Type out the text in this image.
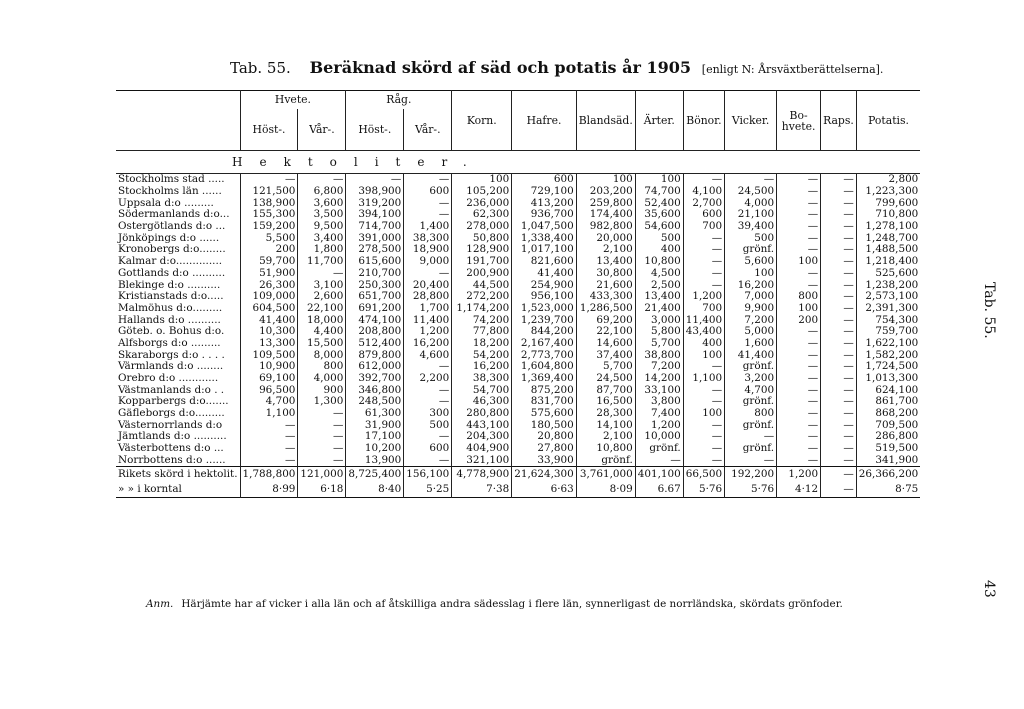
Tab. 55. Beräknad skörd af säd och potatis år 1905 [enligt N: Årsväxtberättelserna].
	Hvete.		Råg.		Korn.	Hafre.	Blandsäd.	Ärter.	Bönor.	Vicker.	Bo- hvete.	Raps.	Potatis.
	Höst-.	Vår-.	Höst-.	Vår-.									
Hektoliter.													
Stockholms stad .....	—	—	—	—	100	600	100	100	—	—	—	—	2,800
Stockholms län ......	121,500	6,800	398,900	600	105,200	729,100	203,200	74,700	4,100	24,500	—	—	1,223,300
Uppsala d:o .........	138,900	3,600	319,200	—	236,000	413,200	259,800	52,400	2,700	4,000	—	—	799,600
Södermanlands d:o...	155,300	3,500	394,100	—	62,300	936,700	174,400	35,600	600	21,100	—	—	710,800
Östergötlands d:o ...	159,200	9,500	714,700	1,400	278,000	1,047,500	982,800	54,600	700	39,400	—	—	1,278,100
Jönköpings d:o ......	5,500	3,400	391,000	38,300	50,800	1,338,400	20,000	500	—	500	—	—	1,248,700
Kronobergs d:o........	200	1,800	278,500	18,900	128,900	1,017,100	2,100	400	—	grönf.	—	—	1,488,500
Kalmar d:o..............	59,700	11,700	615,600	9,000	191,700	821,600	13,400	10,800	—	5,600	100	—	1,218,400
Gottlands d:o ..........	51,900	—	210,700	—	200,900	41,400	30,800	4,500	—	100	—	—	525,600
Blekinge d:o ..........	26,300	3,100	250,300	20,400	44,500	254,900	21,600	2,500	—	16,200	—	—	1,238,200
Kristianstads d:o.....	109,000	2,600	651,700	28,800	272,200	956,100	433,300	13,400	1,200	7,000	800	—	2,573,100
Malmöhus d:o.........	604,500	22,100	691,200	1,700	1,174,200	1,523,000	1,286,500	21,400	700	9,900	100	—	2,391,300
Hallands d:o ..........	41,400	18,000	474,100	11,400	74,200	1,239,700	69,200	3,000	11,400	7,200	200	—	754,300
Göteb. o. Bohus d:o.	10,300	4,400	208,800	1,200	77,800	844,200	22,100	5,800	43,400	5,000	—	—	759,700
Älfsborgs d:o .........	13,300	15,500	512,400	16,200	18,200	2,167,400	14,600	5,700	400	1,600	—	—	1,622,100
Skaraborgs d:o . . . .	109,500	8,000	879,800	4,600	54,200	2,773,700	37,400	38,800	100	41,400	—	—	1,582,200
Värmlands d:o ........	10,900	800	612,000	—	16,200	1,604,800	5,700	7,200	—	grönf.	—	—	1,724,500
Örebro d:o ............	69,100	4,000	392,700	2,200	38,300	1,369,400	24,500	14,200	1,100	3,200	—	—	1,013,300
Västmanlands d:o . .	96,500	900	346,800	—	54,700	875,200	87,700	33,100	—	4,700	—	—	624,100
Kopparbergs d:o.......	4,700	1,300	248,500	—	46,300	831,700	16,500	3,800	—	grönf.	—	—	861,700
Gäfleborgs d:o.........	1,100	—	61,300	300	280,800	575,600	28,300	7,400	100	800	—	—	868,200
Västernorrlands d:o	—	—	31,900	500	443,100	180,500	14,100	1,200	—	grönf.	—	—	709,500
Jämtlands d:o ..........	—	—	17,100	—	204,300	20,800	2,100	10,000	—	—	—	—	286,800
Västerbottens d:o ...	—	—	10,200	600	404,900	27,800	10,800	grönf.	—	grönf.	—	—	519,500
Norrbottens d:o ......	—	—	13,900	—	321,100	33,900	grönf.	—	—	—	—	—	341,900
Rikets skörd i hektolit.	1,788,800	121,000	8,725,400	156,100	4,778,900	21,624,300	3,761,000	401,100	66,500	192,200	1,200	—	26,366,200
» » i korntal	8·99	6·18	8·40	5·25	7·38	6·63	8·09	6.67	5·76	5·76	4·12	—	8·75
Anm. Härjämte har af vicker i alla län och af åtskilliga andra sädesslag i flere län, synnerligast de norrländska, skördats grönfoder.
Tab. 55.
43
